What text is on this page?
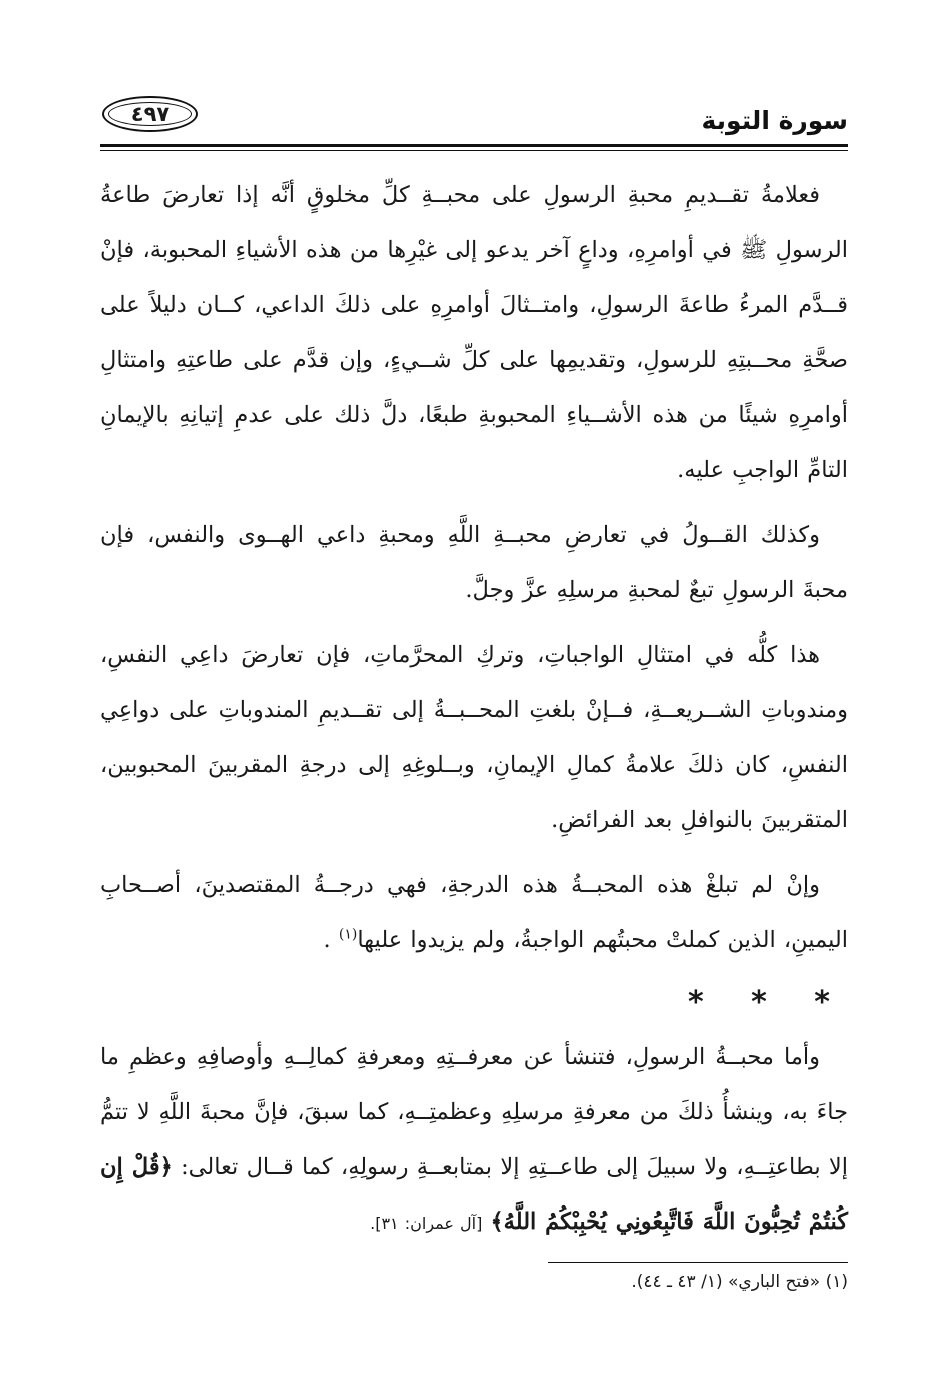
٤٩٧	سورة التوبة

فعلامةُ تقــديمِ محبةِ الرسولِ على محبــةِ كلِّ مخلوقٍ أنَّه إذا تعارضَ طاعةُ الرسولِ ﷺ في أوامرِهِ، وداعٍ آخر يدعو إلى غيْرِها من هذه الأشياءِ المحبوبة، فإنْ قــدَّم المرءُ طاعةَ الرسولِ، وامتــثالَ أوامرِهِ على ذلكَ الداعي، كــان دليلاً على صحَّةِ محــبتِهِ للرسولِ، وتقديمِها على كلِّ شــيءٍ، وإن قدَّم على طاعتِهِ وامتثالِ أوامرِهِ شيئًا من هذه الأشــياءِ المحبوبةِ طبعًا، دلَّ ذلك على عدمِ إتيانِهِ بالإيمانِ التامِّ الواجبِ عليه.

وكذلك القــولُ في تعارضِ محبــةِ اللَّهِ ومحبةِ داعي الهــوى والنفس، فإن محبةَ الرسولِ تبعٌ لمحبةِ مرسلِهِ عزَّ وجلَّ.

هذا كلُّه في امتثالِ الواجباتِ، وتركِ المحرَّماتِ، فإن تعارضَ داعِي النفسِ، ومندوباتِ الشــريعــةِ، فــإنْ بلغتِ المحــبــةُ إلى تقــديمِ المندوباتِ على دواعِي النفسِ، كان ذلكَ علامةُ كمالِ الإيمانِ، وبــلوغِهِ إلى درجةِ المقربينَ المحبوبين، المتقربينَ بالنوافلِ بعد الفرائضِ.

وإنْ لم تبلغْ هذه المحبــةُ هذه الدرجةِ، فهي درجــةُ المقتصدينَ، أصــحابِ اليمينِ، الذين كملتْ محبتُهم الواجبةُ، ولم يزيدوا عليها$^{(١)}$ .

* * *

وأما محبــةُ الرسولِ، فتنشأ عن معرفــتِهِ ومعرفةِ كمالِــهِ وأوصافِهِ وعظمِ ما جاءَ به، وينشأُ ذلكَ من معرفةِ مرسلِهِ وعظمتِــهِ، كما سبقَ، فإنَّ محبةَ اللَّهِ لا تتمُّ إلا بطاعتِــهِ، ولا سبيلَ إلى طاعــتِهِ إلا بمتابعــةِ رسولِهِ، كما قــال تعالى: ﴿قُلْ إِن كُنتُمْ تُحِبُّونَ اللَّهَ فَاتَّبِعُونِي يُحْبِبْكُمُ اللَّهُ﴾ [آل عمران: ٣١].

(١) «فتح الباري» (١/ ٤٣ ـ ٤٤).
